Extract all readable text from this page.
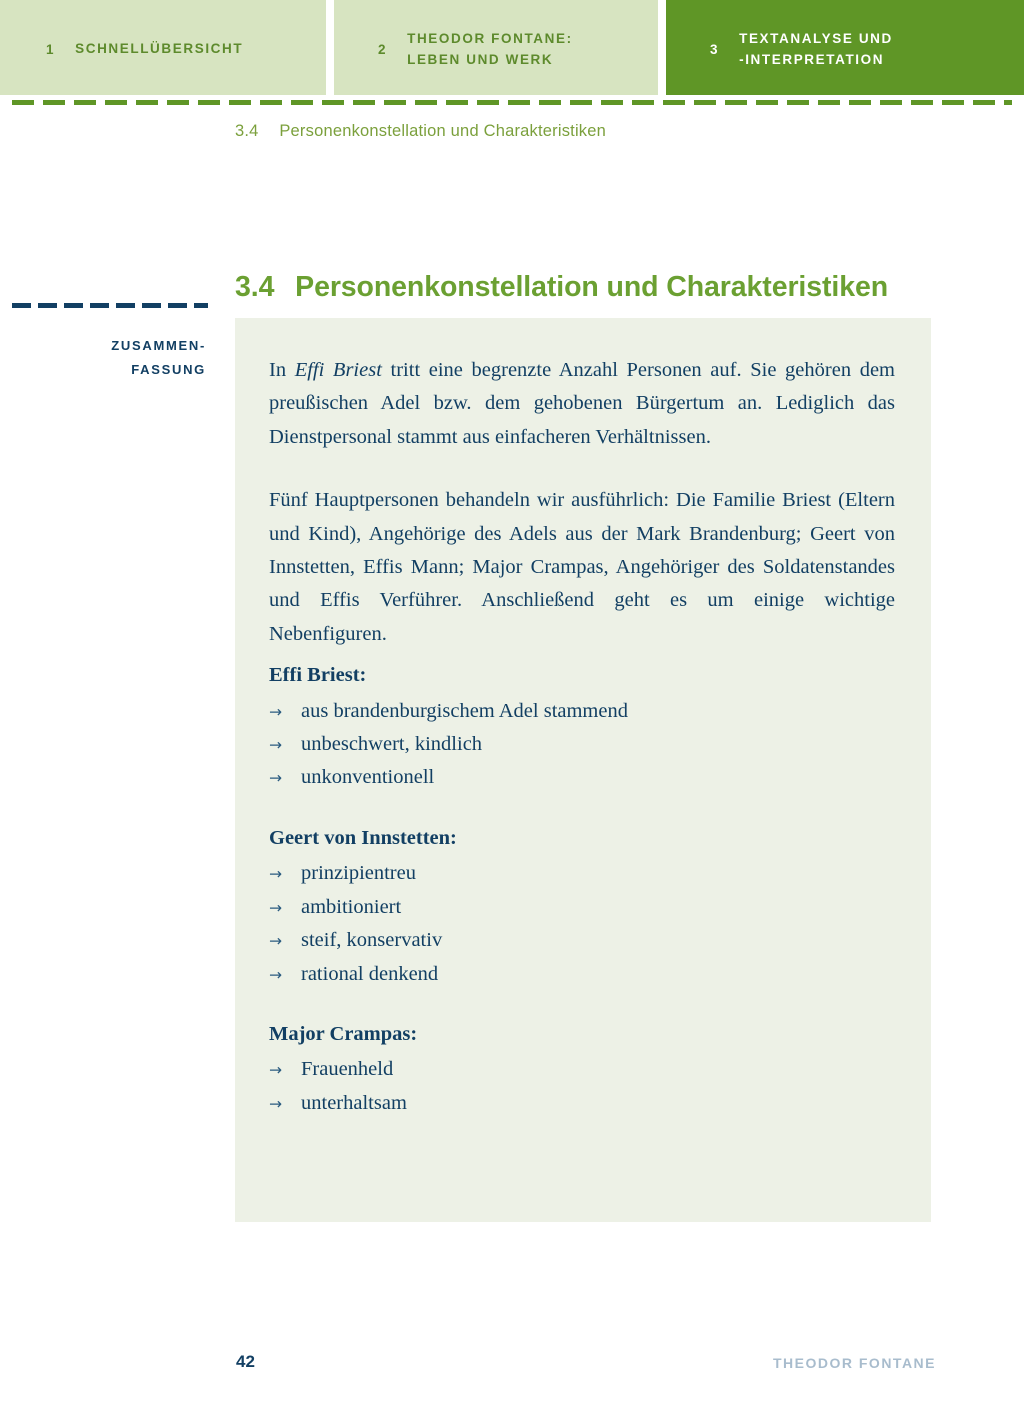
1 SCHNELLÜBERSICHT	2
THEODOR FONTANE:
LEBEN UND WERK
3
TEXTANALYSE UND
-INTERPRETATION
3.4 Personenkonstellation und Charakteristiken
3.4 Personenkonstellation und Charakteristiken
ZUSAMMEN-
FASSUNG	In Effi Briest tritt eine begrenzte Anzahl Personen auf. Sie gehören dem preußischen Adel bzw. dem gehobenen Bürgertum an. Lediglich das Dienstpersonal stammt aus einfacheren Verhältnissen.

Fünf Hauptpersonen behandeln wir ausführlich: Die Familie Briest (Eltern und Kind), Angehörige des Adels aus der Mark Brandenburg; Geert von Innstetten, Effis Mann; Major Crampas, Angehöriger des Soldatenstandes und Effis Verführer. Anschließend geht es um einige wichtige Nebenfiguren.

Effi Briest:
→ aus brandenburgischem Adel stammend
→ unbeschwert, kindlich
→ unkonventionell
Geert von Innstetten:
→ prinzipientreu
→ ambitioniert
→ steif, konservativ
→ rational denkend
Major Crampas:
→ Frauenheld
→ unterhaltsam
42	THEODOR FONTANE
